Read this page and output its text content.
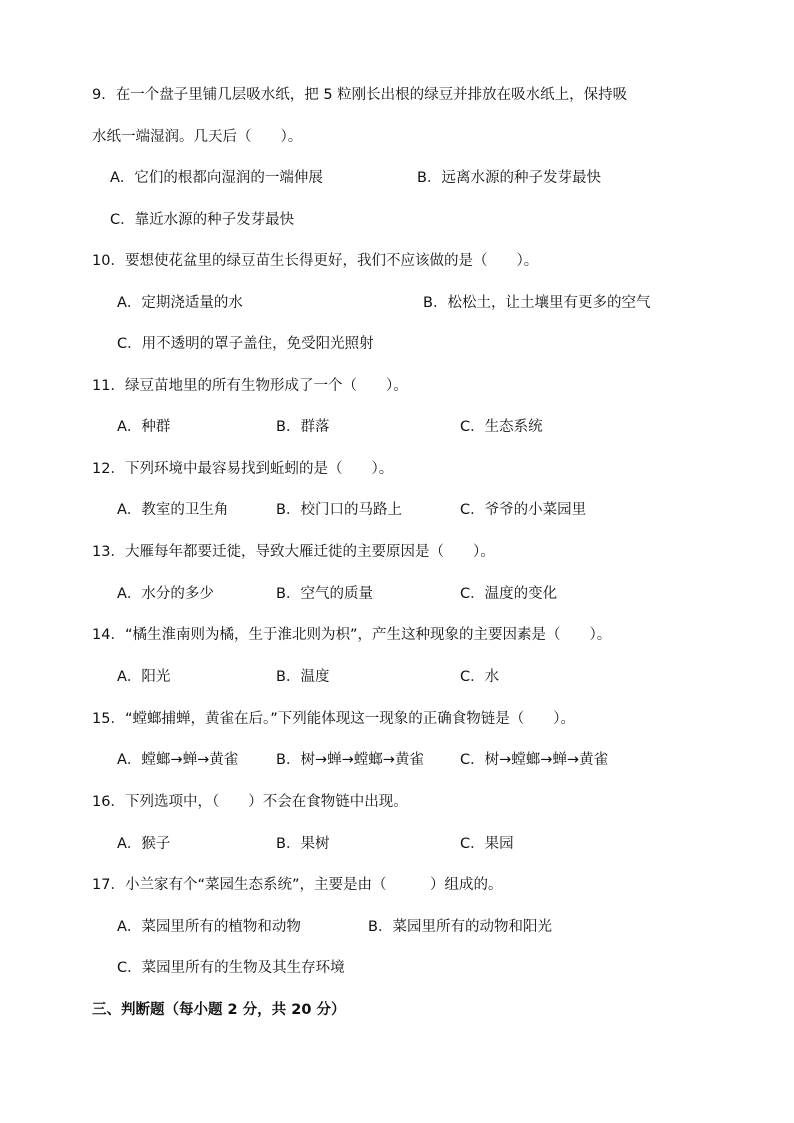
9．在一个盘子里铺几层吸水纸，把 5 粒刚长出根的绿豆并排放在吸水纸上，保持吸
水纸一端湿润。几天后（　　）。
A．它们的根都向湿润的一端伸展	B．远离水源的种子发芽最快
C．靠近水源的种子发芽最快
10．要想使花盆里的绿豆苗生长得更好，我们不应该做的是（　　）。
A．定期浇适量的水	B．松松土，让土壤里有更多的空气
C．用不透明的罩子盖住，免受阳光照射
11．绿豆苗地里的所有生物形成了一个（　　）。
A．种群	B．群落	C．生态系统
12．下列环境中最容易找到蚯蚓的是（　　）。
A．教室的卫生角	B．校门口的马路上	C．爷爷的小菜园里
13．大雁每年都要迁徙，导致大雁迁徙的主要原因是（　　）。
A．水分的多少	B．空气的质量	C．温度的变化
14．“橘生淮南则为橘，生于淮北则为枳”，产生这种现象的主要因素是（　　）。
A．阳光	B．温度	C．水
15．“螳螂捕蝉，黄雀在后。”下列能体现这一现象的正确食物链是（　　）。
A．螳螂→蝉→黄雀	B．树→蝉→螳螂→黄雀 C．树→螳螂→蝉→黄雀
16．下列选项中，（　　）不会在食物链中出现。
A．猴子	B．果树	C．果园
17．小兰家有个“菜园生态系统”，主要是由（　　　）组成的。
A．菜园里所有的植物和动物	B．菜园里所有的动物和阳光
C．菜园里所有的生物及其生存环境
三、判断题（每小题 2 分，共 20 分）
